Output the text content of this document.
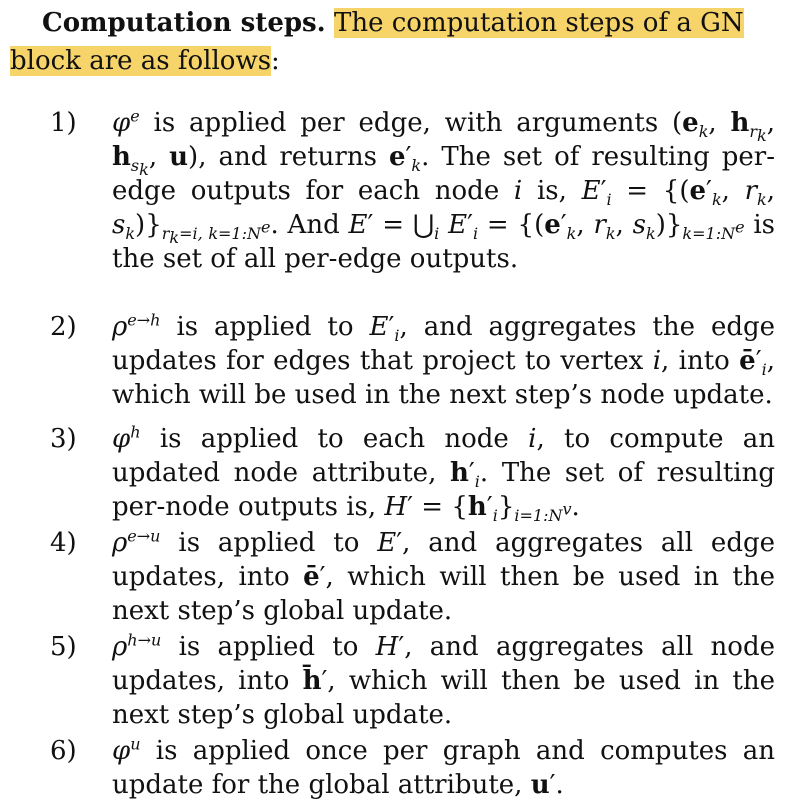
Computation steps. The computation steps of a GN
block are as follows:
1)	$\varphi^e$ is applied per edge, with arguments ($e_k$, $h_{r_k}$, $h_{s_k}$, u), and returns $e'_k$. The set of resulting per-edge outputs for each node i is, $E'_i = \{(e'_k$, $r_k$, $s_k)\}_{r_k=i, k=1:N^e}$. And $E' = ⋃_i$ $E'_i = \{(e'_k$, $r_k$, $s_k)\}_{k=1:N^e}$ is the set of all per-edge outputs.
2)	$\rho^{e\to h}$ is applied to $E'_i$, and aggregates the edge updates for edges that project to vertex i, into $ē'_i$, which will be used in the next step’s node update.
3)	$\varphi^h$ is applied to each node i, to compute an updated node attribute, $h'_i$. The set of resulting per-node outputs is, $H' = \{h'_i\}_{i=1:N^v}$.
4)	$\rho^{e\to u}$ is applied to E′, and aggregates all edge updates, into ē′, which will then be used in the next step’s global update.
5)	$\rho^{h\to u}$ is applied to H′, and aggregates all node updates, into h̄′, which will then be used in the next step’s global update.
6)	$\varphi^u$ is applied once per graph and computes an update for the global attribute, u′.
